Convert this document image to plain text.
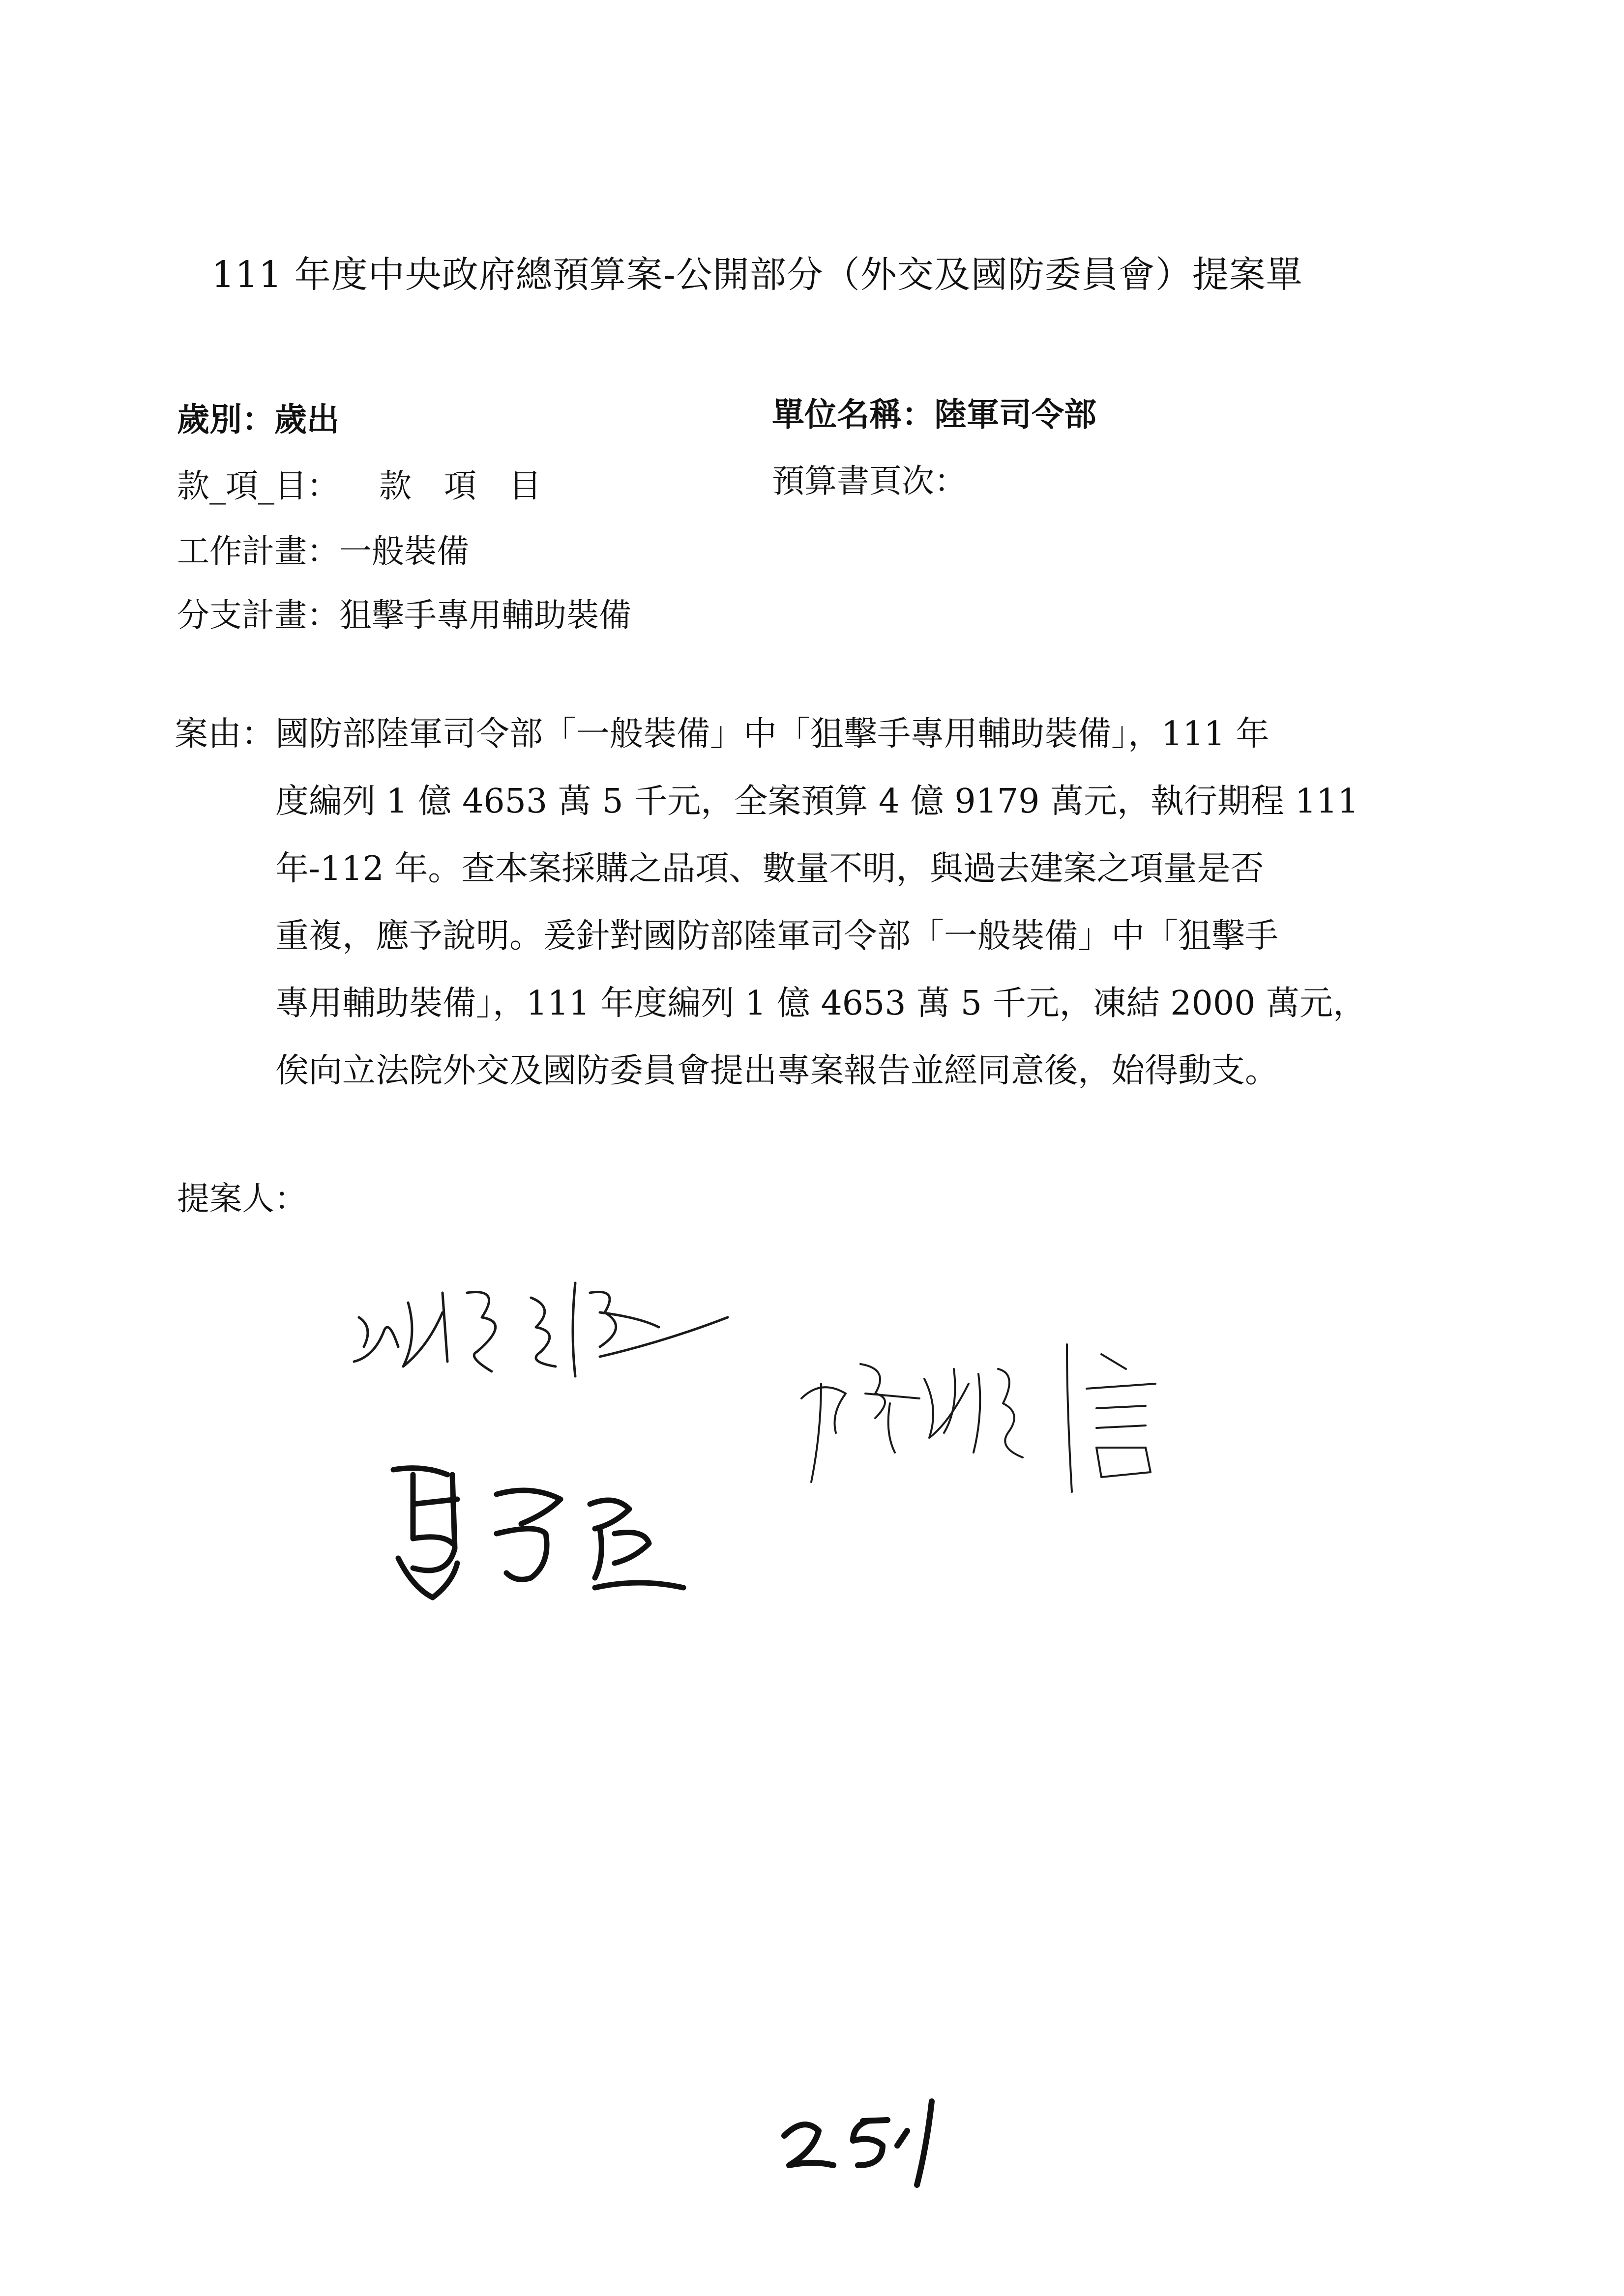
111 年度中央政府總預算案-公開部分（外交及國防委員會）提案單
歲別：歲出	單位名稱：陸軍司令部
款_項_目： 款　項　目	預算書頁次：
工作計畫：一般裝備
分支計畫：狙擊手專用輔助裝備
案由： 國防部陸軍司令部「一般裝備」中「狙擊手專用輔助裝備」，111 年
度編列 1 億 4653 萬 5 千元，全案預算 4 億 9179 萬元，執行期程 111
年-112 年。查本案採購之品項、數量不明，與過去建案之項量是否
重複，應予說明。爰針對國防部陸軍司令部「一般裝備」中「狙擊手
專用輔助裝備」，111 年度編列 1 億 4653 萬 5 千元，凍結 2000 萬元，
俟向立法院外交及國防委員會提出專案報告並經同意後，始得動支。
提案人：
